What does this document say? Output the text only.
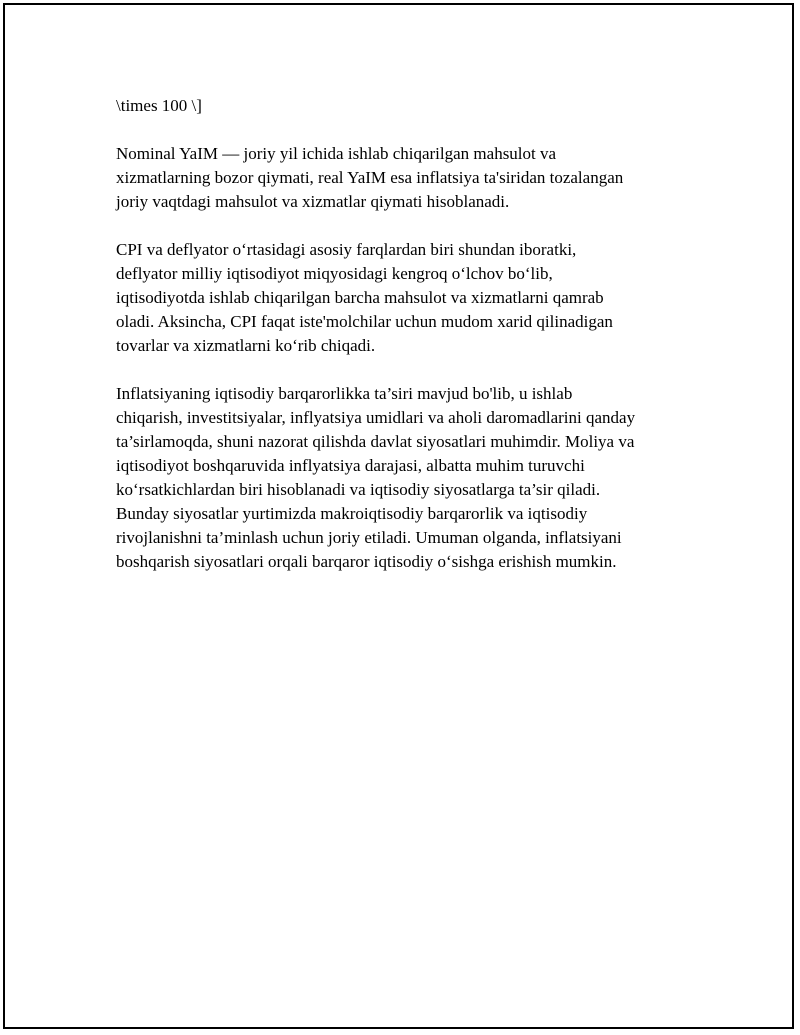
\times 100 \]

Nominal YaIM — joriy yil ichida ishlab chiqarilgan mahsulot va
xizmatlarning bozor qiymati, real YaIM esa inflatsiya ta'siridan tozalangan
joriy vaqtdagi mahsulot va xizmatlar qiymati hisoblanadi.

CPI va deflyator o‘rtasidagi asosiy farqlardan biri shundan iboratki,
deflyator milliy iqtisodiyot miqyosidagi kengroq o‘lchov bo‘lib,
iqtisodiyotda ishlab chiqarilgan barcha mahsulot va xizmatlarni qamrab
oladi. Aksincha, CPI faqat iste'molchilar uchun mudom xarid qilinadigan
tovarlar va xizmatlarni ko‘rib chiqadi.

Inflatsiyaning iqtisodiy barqarorlikka ta’siri mavjud bo'lib, u ishlab
chiqarish, investitsiyalar, inflyatsiya umidlari va aholi daromadlarini qanday
ta’sirlamoqda, shuni nazorat qilishda davlat siyosatlari muhimdir. Moliya va
iqtisodiyot boshqaruvida inflyatsiya darajasi, albatta muhim turuvchi
ko‘rsatkichlardan biri hisoblanadi va iqtisodiy siyosatlarga ta’sir qiladi.
Bunday siyosatlar yurtimizda makroiqtisodiy barqarorlik va iqtisodiy
rivojlanishni ta’minlash uchun joriy etiladi. Umuman olganda, inflatsiyani
boshqarish siyosatlari orqali barqaror iqtisodiy o‘sishga erishish mumkin.
